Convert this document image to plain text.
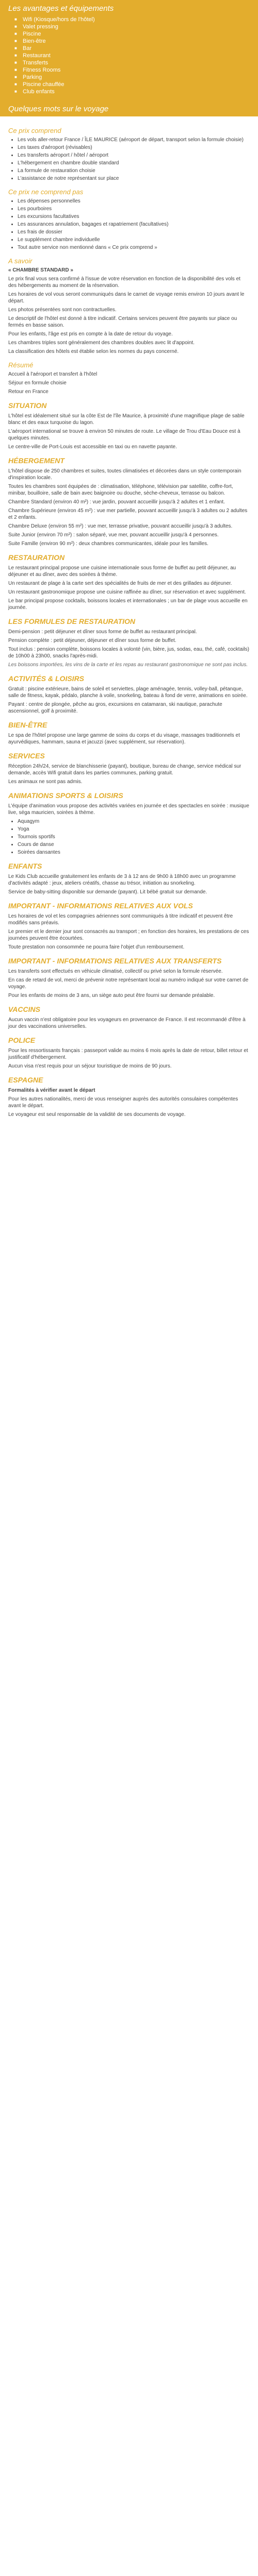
Les avantages et équipements
■ Wifi (Kiosque/hors de l'hôtel)
■ Valet pressing
■ Piscine
■ Bien-être
■ Bar
■ Restaurant
■ Transferts
■ Fitness Rooms
■ Parking
■ Piscine chauffée
■ Club enfants
Quelques mots sur le voyage
Ce prix comprend
• Les vols aller-retour France / ÎLE MAURICE (aéroport de départ, transport selon la formule choisie)
• Les taxes d'aéroport (révisables)
• Les transferts aéroport / hôtel / aéroport
• L'hébergement en chambre double standard
• La formule de restauration choisie
• L'assistance de notre représentant sur place
Ce prix ne comprend pas
• Les dépenses personnelles
• Les pourboires
• Les excursions facultatives
• Les assurances annulation, bagages et rapatriement (facultatives)
• Les frais de dossier
• Le supplément chambre individuelle
• Tout autre service non mentionné dans « Ce prix comprend »
A savoir

« CHAMBRE STANDARD »

Le prix final vous sera confirmé à l'issue de votre réservation en fonction de la disponibilité des vols et des hébergements au moment de la réservation.

Les horaires de vol vous seront communiqués dans le carnet de voyage remis environ 10 jours avant le départ.

Les photos présentées sont non contractuelles.

Le descriptif de l'hôtel est donné à titre indicatif. Certains services peuvent être payants sur place ou fermés en basse saison.

Pour les enfants, l'âge est pris en compte à la date de retour du voyage.

Les chambres triples sont généralement des chambres doubles avec lit d'appoint.

La classification des hôtels est établie selon les normes du pays concerné.

Résumé

Accueil à l'aéroport et transfert à l'hôtel

Séjour en formule choisie

Retour en France

SITUATION

L'hôtel est idéalement situé sur la côte Est de l'île Maurice, à proximité d'une magnifique plage de sable blanc et des eaux turquoise du lagon.

L'aéroport international se trouve à environ 50 minutes de route. Le village de Trou d'Eau Douce est à quelques minutes.

Le centre-ville de Port-Louis est accessible en taxi ou en navette payante.

HÉBERGEMENT

L'hôtel dispose de 250 chambres et suites, toutes climatisées et décorées dans un style contemporain d'inspiration locale.

Toutes les chambres sont équipées de : climatisation, téléphone, télévision par satellite, coffre-fort, minibar, bouilloire, salle de bain avec baignoire ou douche, sèche-cheveux, terrasse ou balcon.

Chambre Standard (environ 40 m²) : vue jardin, pouvant accueillir jusqu'à 2 adultes et 1 enfant.

Chambre Supérieure (environ 45 m²) : vue mer partielle, pouvant accueillir jusqu'à 3 adultes ou 2 adultes et 2 enfants.

Chambre Deluxe (environ 55 m²) : vue mer, terrasse privative, pouvant accueillir jusqu'à 3 adultes.

Suite Junior (environ 70 m²) : salon séparé, vue mer, pouvant accueillir jusqu'à 4 personnes.

Suite Famille (environ 90 m²) : deux chambres communicantes, idéale pour les familles.

RESTAURATION

Le restaurant principal propose une cuisine internationale sous forme de buffet au petit déjeuner, au déjeuner et au dîner, avec des soirées à thème.

Un restaurant de plage à la carte sert des spécialités de fruits de mer et des grillades au déjeuner.

Un restaurant gastronomique propose une cuisine raffinée au dîner, sur réservation et avec supplément.

Le bar principal propose cocktails, boissons locales et internationales ; un bar de plage vous accueille en journée.

LES FORMULES DE RESTAURATION

Demi-pension : petit déjeuner et dîner sous forme de buffet au restaurant principal.

Pension complète : petit déjeuner, déjeuner et dîner sous forme de buffet.

Tout inclus : pension complète, boissons locales à volonté (vin, bière, jus, sodas, eau, thé, café, cocktails) de 10h00 à 23h00, snacks l'après-midi.

Les boissons importées, les vins de la carte et les repas au restaurant gastronomique ne sont pas inclus.

ACTIVITÉS & LOISIRS

Gratuit : piscine extérieure, bains de soleil et serviettes, plage aménagée, tennis, volley-ball, pétanque, salle de fitness, kayak, pédalo, planche à voile, snorkeling, bateau à fond de verre, animations en soirée.

Payant : centre de plongée, pêche au gros, excursions en catamaran, ski nautique, parachute ascensionnel, golf à proximité.

BIEN-ÊTRE

Le spa de l'hôtel propose une large gamme de soins du corps et du visage, massages traditionnels et ayurvédiques, hammam, sauna et jacuzzi (avec supplément, sur réservation).

SERVICES

Réception 24h/24, service de blanchisserie (payant), boutique, bureau de change, service médical sur demande, accès Wifi gratuit dans les parties communes, parking gratuit.

Les animaux ne sont pas admis.

ANIMATIONS SPORTS & LOISIRS

L'équipe d'animation vous propose des activités variées en journée et des spectacles en soirée : musique live, séga mauricien, soirées à thème.

• Aquagym
• Yoga
• Tournois sportifs
• Cours de danse
• Soirées dansantes
ENFANTS

Le Kids Club accueille gratuitement les enfants de 3 à 12 ans de 9h00 à 18h00 avec un programme d'activités adapté : jeux, ateliers créatifs, chasse au trésor, initiation au snorkeling.

Service de baby-sitting disponible sur demande (payant). Lit bébé gratuit sur demande.

IMPORTANT - INFORMATIONS RELATIVES AUX VOLS

Les horaires de vol et les compagnies aériennes sont communiqués à titre indicatif et peuvent être modifiés sans préavis.

Le premier et le dernier jour sont consacrés au transport ; en fonction des horaires, les prestations de ces journées peuvent être écourtées.

Toute prestation non consommée ne pourra faire l'objet d'un remboursement.

IMPORTANT - INFORMATIONS RELATIVES AUX TRANSFERTS

Les transferts sont effectués en véhicule climatisé, collectif ou privé selon la formule réservée.

En cas de retard de vol, merci de prévenir notre représentant local au numéro indiqué sur votre carnet de voyage.

Pour les enfants de moins de 3 ans, un siège auto peut être fourni sur demande préalable.

VACCINS

Aucun vaccin n'est obligatoire pour les voyageurs en provenance de France. Il est recommandé d'être à jour des vaccinations universelles.

POLICE

Pour les ressortissants français : passeport valide au moins 6 mois après la date de retour, billet retour et justificatif d'hébergement.

Aucun visa n'est requis pour un séjour touristique de moins de 90 jours.

ESPAGNE

Formalités à vérifier avant le départ

Pour les autres nationalités, merci de vous renseigner auprès des autorités consulaires compétentes avant le départ.

Le voyageur est seul responsable de la validité de ses documents de voyage.
